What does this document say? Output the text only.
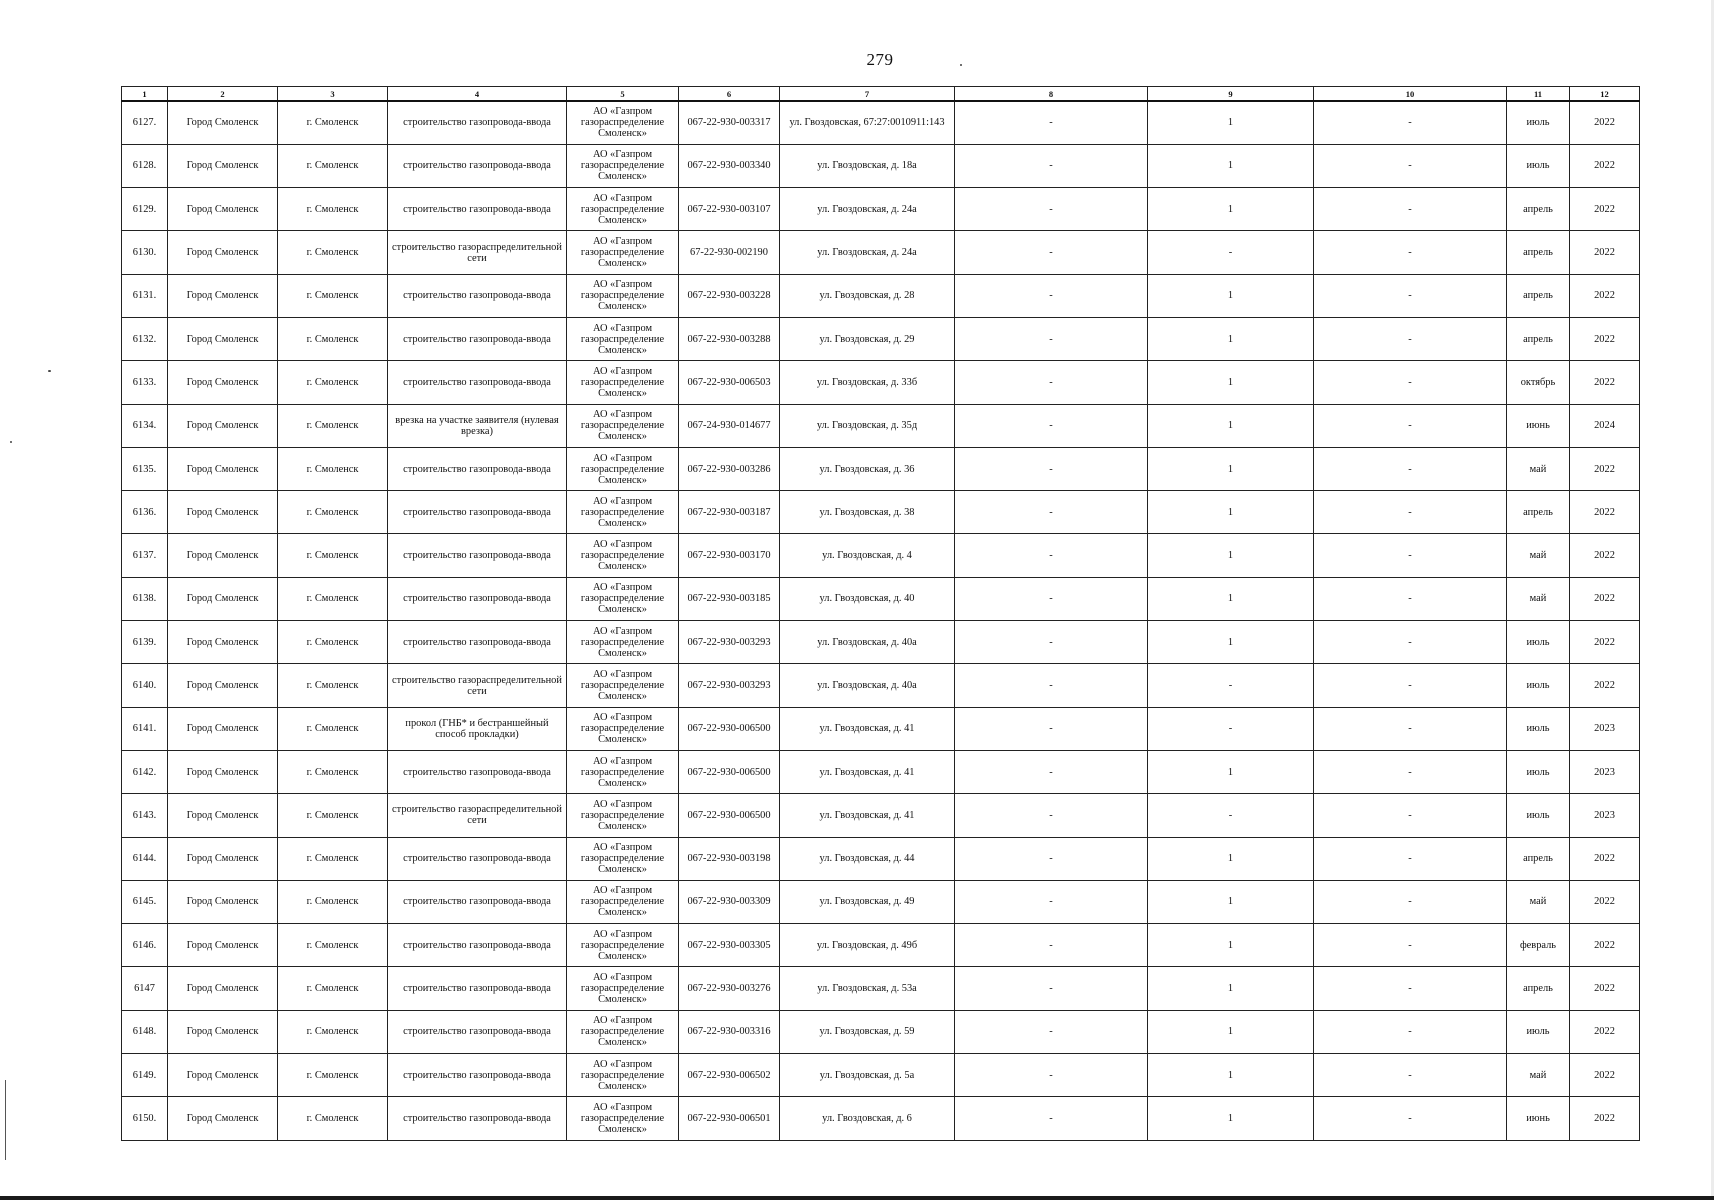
279
1	2	3	4	5	6	7	8	9	10	11	12
6127.	Город Смоленск	г. Смоленск	строительство газопровода-ввода	АО «Газпром газораспределение Смоленск»	067-22-930-003317	ул. Гвоздовская, 67:27:0010911:143	-	1	-	июль	2022
6128.	Город Смоленск	г. Смоленск	строительство газопровода-ввода	АО «Газпром газораспределение Смоленск»	067-22-930-003340	ул. Гвоздовская, д. 18а	-	1	-	июль	2022
6129.	Город Смоленск	г. Смоленск	строительство газопровода-ввода	АО «Газпром газораспределение Смоленск»	067-22-930-003107	ул. Гвоздовская, д. 24а	-	1	-	апрель	2022
6130.	Город Смоленск	г. Смоленск	строительство газораспределительной сети	АО «Газпром газораспределение Смоленск»	67-22-930-002190	ул. Гвоздовская, д. 24а	-	-	-	апрель	2022
6131.	Город Смоленск	г. Смоленск	строительство газопровода-ввода	АО «Газпром газораспределение Смоленск»	067-22-930-003228	ул. Гвоздовская, д. 28	-	1	-	апрель	2022
6132.	Город Смоленск	г. Смоленск	строительство газопровода-ввода	АО «Газпром газораспределение Смоленск»	067-22-930-003288	ул. Гвоздовская, д. 29	-	1	-	апрель	2022
6133.	Город Смоленск	г. Смоленск	строительство газопровода-ввода	АО «Газпром газораспределение Смоленск»	067-22-930-006503	ул. Гвоздовская, д. 33б	-	1	-	октябрь	2022
6134.	Город Смоленск	г. Смоленск	врезка на участке заявителя (нулевая врезка)	АО «Газпром газораспределение Смоленск»	067-24-930-014677	ул. Гвоздовская, д. 35д	-	1	-	июнь	2024
6135.	Город Смоленск	г. Смоленск	строительство газопровода-ввода	АО «Газпром газораспределение Смоленск»	067-22-930-003286	ул. Гвоздовская, д. 36	-	1	-	май	2022
6136.	Город Смоленск	г. Смоленск	строительство газопровода-ввода	АО «Газпром газораспределение Смоленск»	067-22-930-003187	ул. Гвоздовская, д. 38	-	1	-	апрель	2022
6137.	Город Смоленск	г. Смоленск	строительство газопровода-ввода	АО «Газпром газораспределение Смоленск»	067-22-930-003170	ул. Гвоздовская, д. 4	-	1	-	май	2022
6138.	Город Смоленск	г. Смоленск	строительство газопровода-ввода	АО «Газпром газораспределение Смоленск»	067-22-930-003185	ул. Гвоздовская, д. 40	-	1	-	май	2022
6139.	Город Смоленск	г. Смоленск	строительство газопровода-ввода	АО «Газпром газораспределение Смоленск»	067-22-930-003293	ул. Гвоздовская, д. 40а	-	1	-	июль	2022
6140.	Город Смоленск	г. Смоленск	строительство газораспределительной сети	АО «Газпром газораспределение Смоленск»	067-22-930-003293	ул. Гвоздовская, д. 40а	-	-	-	июль	2022
6141.	Город Смоленск	г. Смоленск	прокол (ГНБ* и бестраншейный способ прокладки)	АО «Газпром газораспределение Смоленск»	067-22-930-006500	ул. Гвоздовская, д. 41	-	-	-	июль	2023
6142.	Город Смоленск	г. Смоленск	строительство газопровода-ввода	АО «Газпром газораспределение Смоленск»	067-22-930-006500	ул. Гвоздовская, д. 41	-	1	-	июль	2023
6143.	Город Смоленск	г. Смоленск	строительство газораспределительной сети	АО «Газпром газораспределение Смоленск»	067-22-930-006500	ул. Гвоздовская, д. 41	-	-	-	июль	2023
6144.	Город Смоленск	г. Смоленск	строительство газопровода-ввода	АО «Газпром газораспределение Смоленск»	067-22-930-003198	ул. Гвоздовская, д. 44	-	1	-	апрель	2022
6145.	Город Смоленск	г. Смоленск	строительство газопровода-ввода	АО «Газпром газораспределение Смоленск»	067-22-930-003309	ул. Гвоздовская, д. 49	-	1	-	май	2022
6146.	Город Смоленск	г. Смоленск	строительство газопровода-ввода	АО «Газпром газораспределение Смоленск»	067-22-930-003305	ул. Гвоздовская, д. 49б	-	1	-	февраль	2022
6147	Город Смоленск	г. Смоленск	строительство газопровода-ввода	АО «Газпром газораспределение Смоленск»	067-22-930-003276	ул. Гвоздовская, д. 53а	-	1	-	апрель	2022
6148.	Город Смоленск	г. Смоленск	строительство газопровода-ввода	АО «Газпром газораспределение Смоленск»	067-22-930-003316	ул. Гвоздовская, д. 59	-	1	-	июль	2022
6149.	Город Смоленск	г. Смоленск	строительство газопровода-ввода	АО «Газпром газораспределение Смоленск»	067-22-930-006502	ул. Гвоздовская, д. 5а	-	1	-	май	2022
6150.	Город Смоленск	г. Смоленск	строительство газопровода-ввода	АО «Газпром газораспределение Смоленск»	067-22-930-006501	ул. Гвоздовская, д. 6	-	1	-	июнь	2022
